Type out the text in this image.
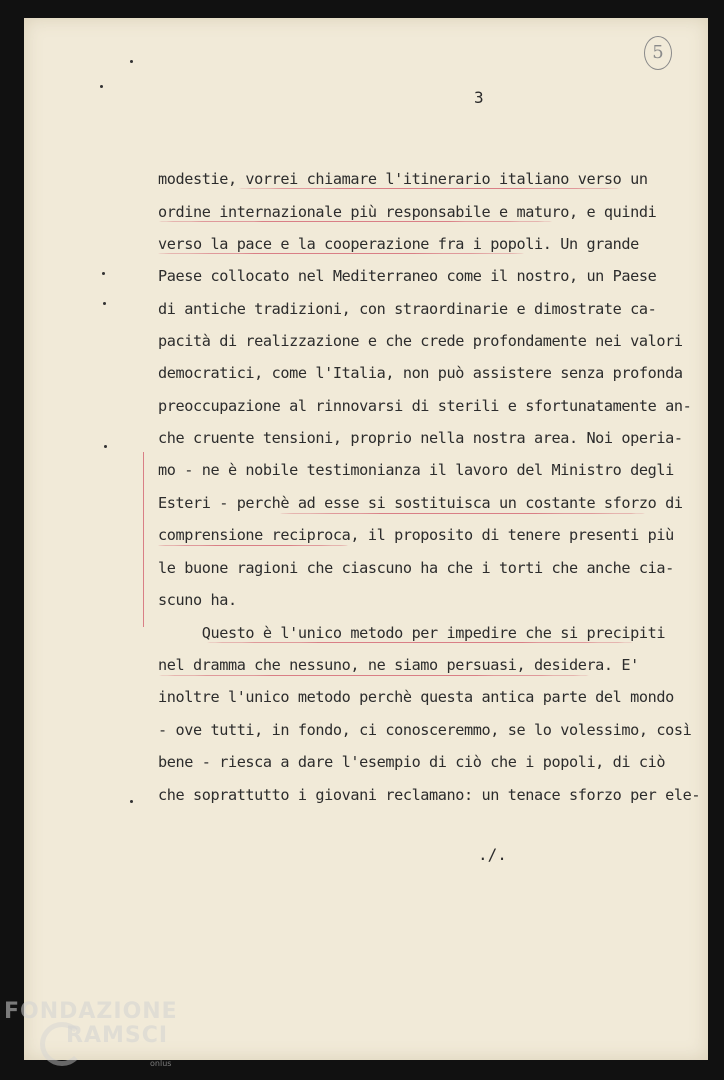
5
3
modestie, vorrei chiamare l'itinerario italiano verso un
ordine internazionale più responsabile e maturo, e quindi
verso la pace e la cooperazione fra i popoli. Un grande
Paese collocato nel Mediterraneo come il nostro, un Paese
di antiche tradizioni, con straordinarie e dimostrate ca-
pacità di realizzazione e che crede profondamente nei valori
democratici, come l'Italia, non può assistere senza profonda
preoccupazione al rinnovarsi di sterili e sfortunatamente an-
che cruente tensioni, proprio nella nostra area. Noi operia-
mo - ne è nobile testimonianza il lavoro del Ministro degli
Esteri - perchè ad esse si sostituisca un costante sforzo di
comprensione reciproca, il proposito di tenere presenti più
le buone ragioni che ciascuno ha che i torti che anche cia-
scuno ha.
Questo è l'unico metodo per impedire che si precipiti
nel dramma che nessuno, ne siamo persuasi, desidera. E'
inoltre l'unico metodo perchè questa antica parte del mondo
- ove tutti, in fondo, ci conosceremmo, se lo volessimo, così
bene - riesca a dare l'esempio di ciò che i popoli, di ciò
che soprattutto i giovani reclamano: un tenace sforzo per ele-
./.
FONDAZIONE
RAMSCI
onlus
